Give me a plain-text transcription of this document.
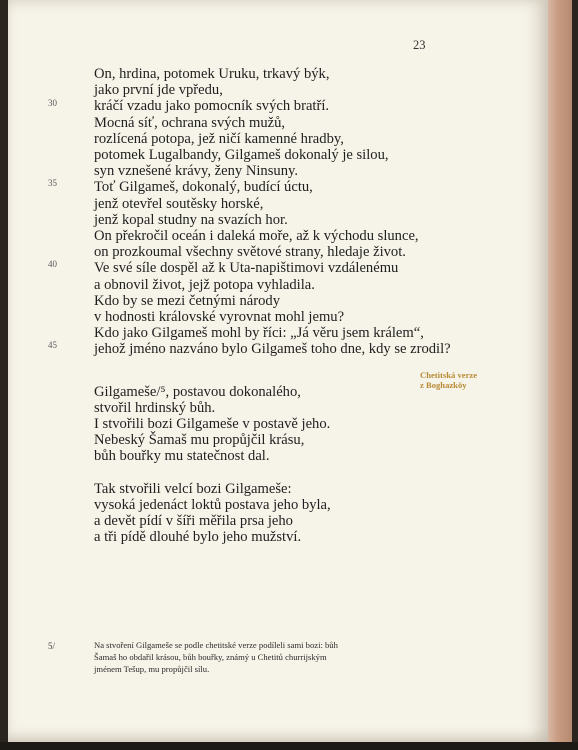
23
30
35
40
45
On, hrdina, potomek Uruku, trkavý býk,
jako první jde vpředu,
kráčí vzadu jako pomocník svých bratří.
Mocná síť, ochrana svých mužů,
rozlícená potopa, jež ničí kamenné hradby,
potomek Lugalbandy, Gilgameš dokonalý je silou,
syn vznešené krávy, ženy Ninsuny.
Toť Gilgameš, dokonalý, budící úctu,
jenž otevřel soutěsky horské,
jenž kopal studny na svazích hor.
On překročil oceán i daleká moře, až k východu slunce,
on prozkoumal všechny světové strany, hledaje život.
Ve své síle dospěl až k Uta-napištimovi vzdálenému
a obnovil život, jejž potopa vyhladila.
Kdo by se mezi četnými národy
v hodnosti královské vyrovnat mohl jemu?
Kdo jako Gilgameš mohl by říci: „Já věru jsem králem“,
jehož jméno nazváno bylo Gilgameš toho dne, kdy se zrodil?
Gilgameše/⁵, postavou dokonalého,
stvořil hrdinský bůh.
I stvořili bozi Gilgameše v postavě jeho.
Nebeský Šamaš mu propůjčil krásu,
bůh bouřky mu statečnost dal.
Tak stvořili velcí bozi Gilgameše:
vysoká jedenáct loktů postava jeho byla,
a devět pídí v šíři měřila prsa jeho
a tři pídě dlouhé bylo jeho mužství.
Chetitská verze
z Boghazköy
5/	Na stvoření Gilgameše se podle chetitské verze podíleli sami bozi: bůh
Šamaš ho obdařil krásou, bůh bouřky, známý u Chetitů churrijským
jménem Tešup, mu propůjčil sílu.
